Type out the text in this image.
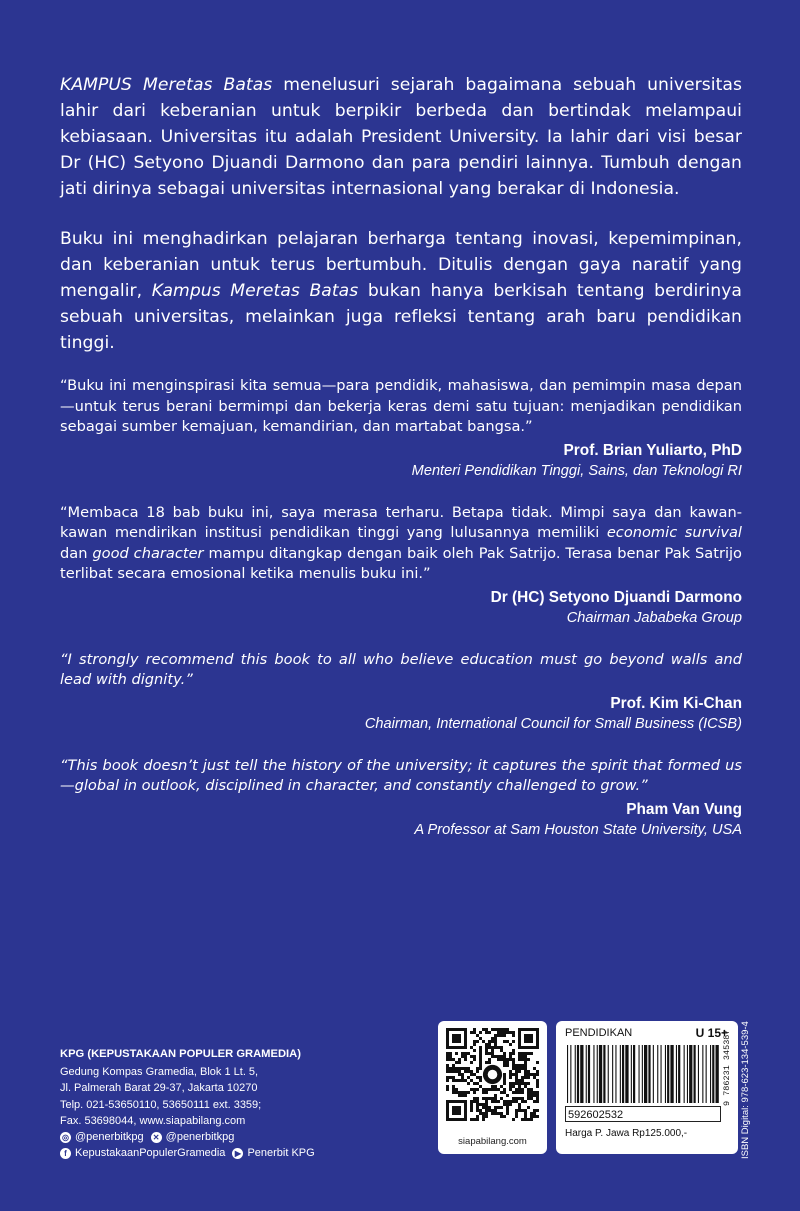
KAMPUS Meretas Batas menelusuri sejarah bagaimana sebuah universitas lahir dari keberanian untuk berpikir berbeda dan bertindak melampaui kebiasaan. Universitas itu adalah President University. Ia lahir dari visi besar Dr (HC) Setyono Djuandi Darmono dan para pendiri lainnya. Tumbuh dengan jati dirinya sebagai universitas internasional yang berakar di Indonesia.

Buku ini menghadirkan pelajaran berharga tentang inovasi, kepemimpinan, dan keberanian untuk terus bertumbuh. Ditulis dengan gaya naratif yang mengalir, Kampus Meretas Batas bukan hanya berkisah tentang berdirinya sebuah universitas, melainkan juga refleksi tentang arah baru pendidikan tinggi.

“Buku ini menginspirasi kita semua—para pendidik, mahasiswa, dan pemimpin masa depan—untuk terus berani bermimpi dan bekerja keras demi satu tujuan: menjadikan pendidikan sebagai sumber kemajuan, kemandirian, dan martabat bangsa.”

Prof. Brian Yuliarto, PhD
Menteri Pendidikan Tinggi, Sains, dan Teknologi RI

“Membaca 18 bab buku ini, saya merasa terharu. Betapa tidak. Mimpi saya dan kawan-kawan mendirikan institusi pendidikan tinggi yang lulusannya memiliki economic survival dan good character mampu ditangkap dengan baik oleh Pak Satrijo. Terasa benar Pak Satrijo terlibat secara emosional ketika menulis buku ini.”

Dr (HC) Setyono Djuandi Darmono
Chairman Jababeka Group

“I strongly recommend this book to all who believe education must go beyond walls and lead with dignity.”

Prof. Kim Ki-Chan
Chairman, International Council for Small Business (ICSB)

“This book doesn’t just tell the history of the university; it captures the spirit that formed us—global in outlook, disciplined in character, and constantly challenged to grow.”

Pham Van Vung
A Professor at Sam Houston State University, USA
KPG (KEPUSTAKAAN POPULER GRAMEDIA)
Gedung Kompas Gramedia, Blok 1 Lt. 5,
Jl. Palmerah Barat 29-37, Jakarta 10270
Telp. 021-53650110, 53650111 ext. 3359;
Fax. 53698044, www.siapabilang.com
◎ @penerbitkpg ✕ @penerbitkpg
f KepustakaanPopulerGramedia	▶ Penerbit KPG
siapabilang.com
PENDIDIKAN	U 15+
592602532
Harga P. Jawa Rp125.000,-
9 786231 345387 ISBN Digital: 978-623-134-539-4
